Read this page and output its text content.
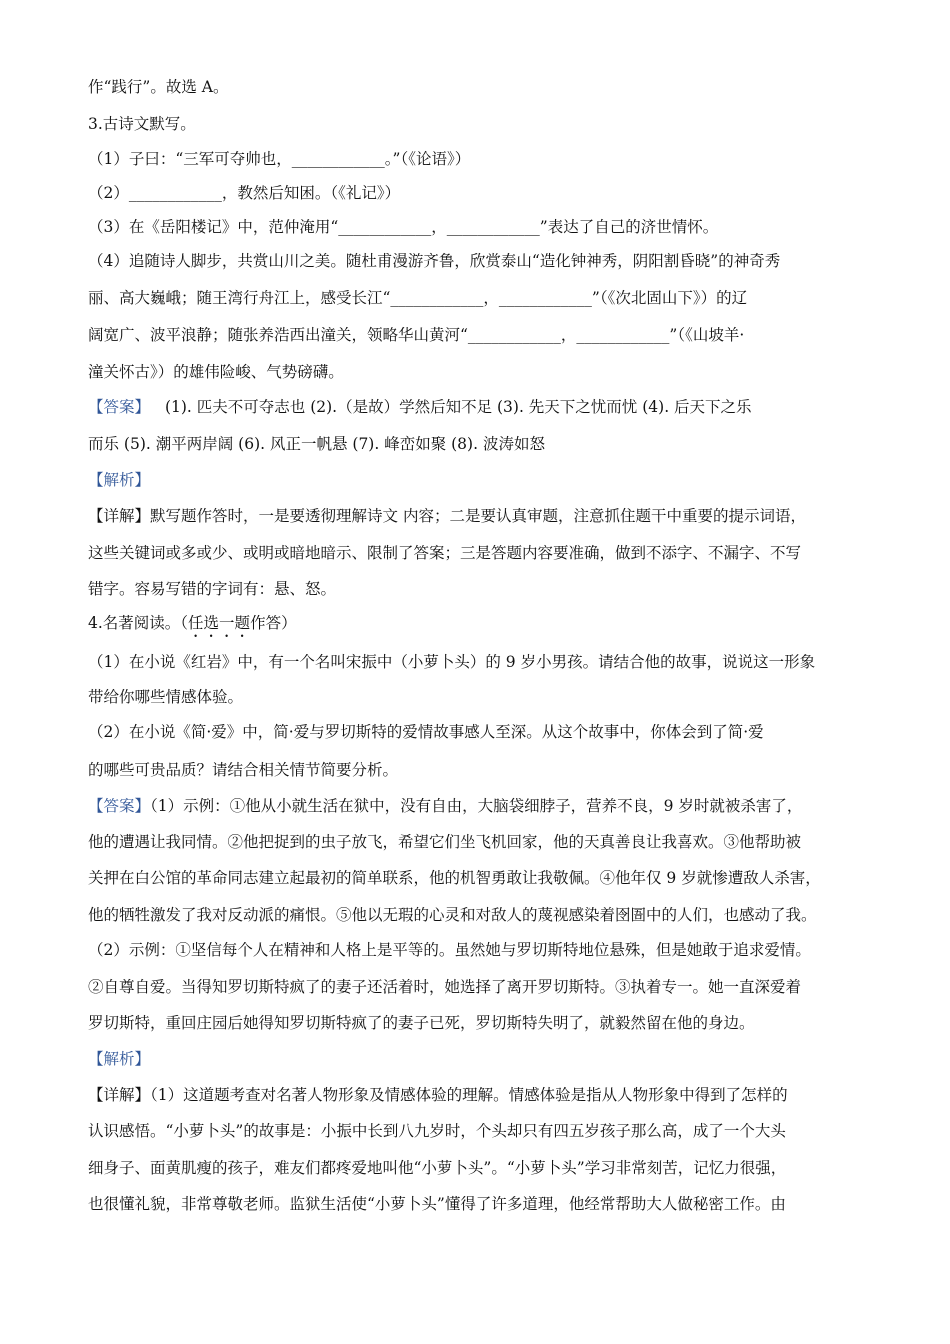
作“践行”。故选 A。
3.古诗文默写。
（1）子曰：“三军可夺帅也，____________。”（《论语》）
（2）____________，教然后知困。（《礼记》）
（3）在《岳阳楼记》中，范仲淹用“____________，____________”表达了自己的济世情怀。
（4）追随诗人脚步，共赏山川之美。随杜甫漫游齐鲁，欣赏泰山“造化钟神秀，阴阳割昏晓”的神奇秀
丽、高大巍峨；随王湾行舟江上，感受长江“____________，____________”（《次北固山下》）的辽
阔宽广、波平浪静；随张养浩西出潼关，领略华山黄河“____________，____________”（《山坡羊·
潼关怀古》）的雄伟险峻、气势磅礴。
【答案】 (1). 匹夫不可夺志也 (2).（是故）学然后知不足 (3). 先天下之忧而忧 (4). 后天下之乐
而乐 (5). 潮平两岸阔 (6). 风正一帆悬 (7). 峰峦如聚 (8). 波涛如怒
【解析】
【详解】默写题作答时，一是要透彻理解诗文 内容；二是要认真审题，注意抓住题干中重要的提示词语，
这些关键词或多或少、或明或暗地暗示、限制了答案；三是答题内容要准确，做到不添字、不漏字、不写
错字。容易写错的字词有：悬、怒。
4.名著阅读。（任选一题作答）
（1）在小说《红岩》中，有一个名叫宋振中（小萝卜头）的 9 岁小男孩。请结合他的故事，说说这一形象
带给你哪些情感体验。
（2）在小说《简·爱》中，简·爱与罗切斯特的爱情故事感人至深。从这个故事中，你体会到了简·爱
的哪些可贵品质？请结合相关情节简要分析。
【答案】（1）示例：①他从小就生活在狱中，没有自由，大脑袋细脖子，营养不良，9 岁时就被杀害了，
他的遭遇让我同情。②他把捉到的虫子放飞，希望它们坐飞机回家，他的天真善良让我喜欢。③他帮助被
关押在白公馆的革命同志建立起最初的简单联系，他的机智勇敢让我敬佩。④他年仅 9 岁就惨遭敌人杀害，
他的牺牲激发了我对反动派的痛恨。⑤他以无瑕的心灵和对敌人的蔑视感染着囹圄中的人们，也感动了我。
（2）示例：①坚信每个人在精神和人格上是平等的。虽然她与罗切斯特地位悬殊，但是她敢于追求爱情。
②自尊自爱。当得知罗切斯特疯了的妻子还活着时，她选择了离开罗切斯特。③执着专一。她一直深爱着
罗切斯特，重回庄园后她得知罗切斯特疯了的妻子已死，罗切斯特失明了，就毅然留在他的身边。
【解析】
【详解】（1）这道题考查对名著人物形象及情感体验的理解。情感体验是指从人物形象中得到了怎样的
认识感悟。“小萝卜头”的故事是：小振中长到八九岁时，个头却只有四五岁孩子那么高，成了一个大头
细身子、面黄肌瘦的孩子，难友们都疼爱地叫他“小萝卜头”。“小萝卜头”学习非常刻苦，记忆力很强，
也很懂礼貌，非常尊敬老师。监狱生活使“小萝卜头”懂得了许多道理，他经常帮助大人做秘密工作。由
